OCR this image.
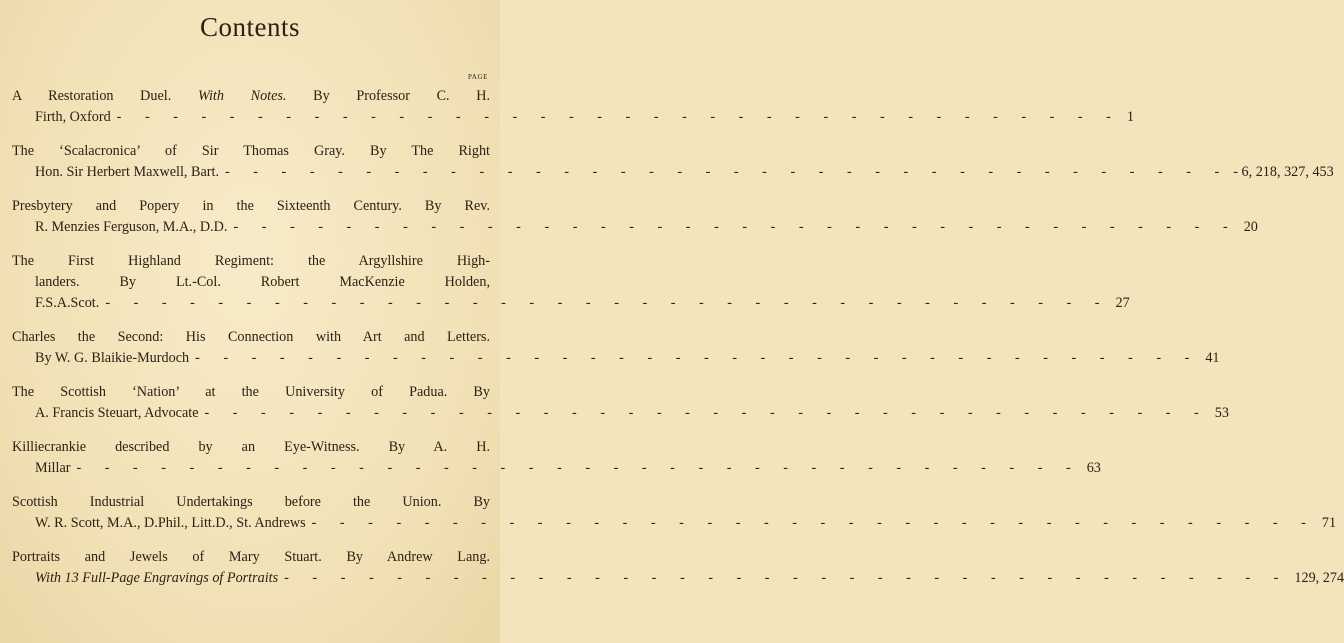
Contents
PAGE
A Restoration Duel. With Notes. By Professor C. H.
Firth, Oxford - - - - - - - - - - - - - - - - - - - - - - - - - - - - - - - - - - - - 1
The ‘Scalacronica’ of Sir Thomas Gray. By The Right
Hon. Sir Herbert Maxwell, Bart. - - - - - - - - - - - - - - - - - - - - - - - - - - - - - - - - - - - - - 6, 218, 327, 453
Presbytery and Popery in the Sixteenth Century. By Rev.
R. Menzies Ferguson, M.A., D.D. - - - - - - - - - - - - - - - - - - - - - - - - - - - - - - - - - - - - 20
The First Highland Regiment: the Argyllshire High-
landers. By Lt.-Col. Robert MacKenzie Holden,
F.S.A.Scot. - - - - - - - - - - - - - - - - - - - - - - - - - - - - - - - - - - - - 27
Charles the Second: His Connection with Art and Letters.
By W. G. Blaikie-Murdoch - - - - - - - - - - - - - - - - - - - - - - - - - - - - - - - - - - - - 41
The Scottish ‘Nation’ at the University of Padua. By
A. Francis Steuart, Advocate - - - - - - - - - - - - - - - - - - - - - - - - - - - - - - - - - - - - 53
Killiecrankie described by an Eye-Witness. By A. H.
Millar - - - - - - - - - - - - - - - - - - - - - - - - - - - - - - - - - - - - 63
Scottish Industrial Undertakings before the Union. By
W. R. Scott, M.A., D.Phil., Litt.D., St. Andrews - - - - - - - - - - - - - - - - - - - - - - - - - - - - - - - - - - - - 71
Portraits and Jewels of Mary Stuart. By Andrew Lang.
With 13 Full-Page Engravings of Portraits - - - - - - - - - - - - - - - - - - - - - - - - - - - - - - - - - - - - 129, 274
